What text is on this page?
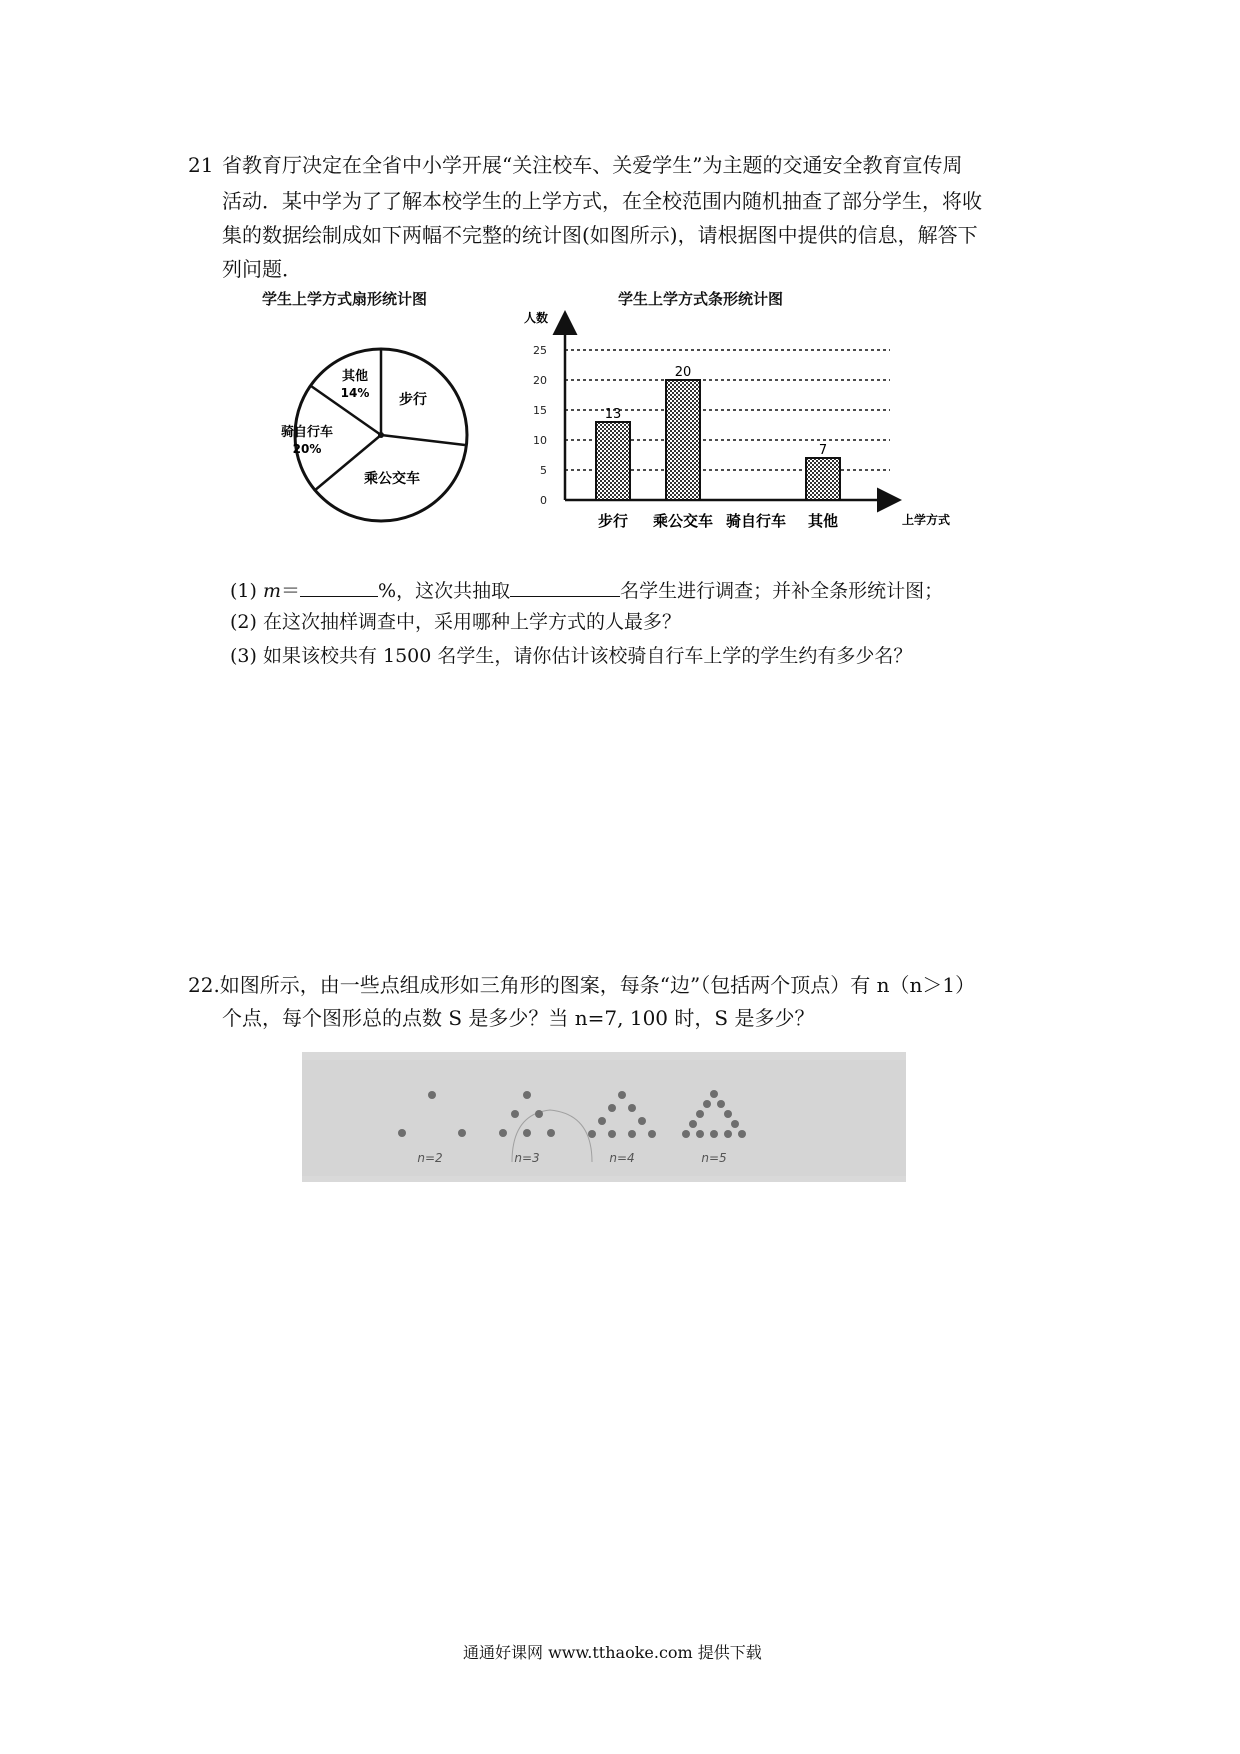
21 省教育厅决定在全省中小学开展“关注校车、关爱学生”为主题的交通安全教育宣传周
活动．某中学为了了解本校学生的上学方式，在全校范围内随机抽查了部分学生，将收
集的数据绘制成如下两幅不完整的统计图(如图所示)，请根据图中提供的信息，解答下
列问题．
学生上学方式扇形统计图
其他
14% 步行
乘公交车
骑自行车
20%
学生上学方式条形统计图
人数
0
5
10
15
20
25
13
步行
20
乘公交车 骑自行车
7
其他	上学方式
(1) m＝	%，这次共抽取	名学生进行调查；并补全条形统计图；
(2) 在这次抽样调查中，采用哪种上学方式的人最多？
(3) 如果该校共有 1500 名学生，请你估计该校骑自行车上学的学生约有多少名？
22.如图所示，由一些点组成形如三角形的图案，每条“边”（包括两个顶点）有 n（n＞1）
个点，每个图形总的点数 S 是多少？当 n=7, 100 时，S 是多少？
n=2	n=3	n=4	n=5
通通好课网 www.tthaoke.com 提供下载
